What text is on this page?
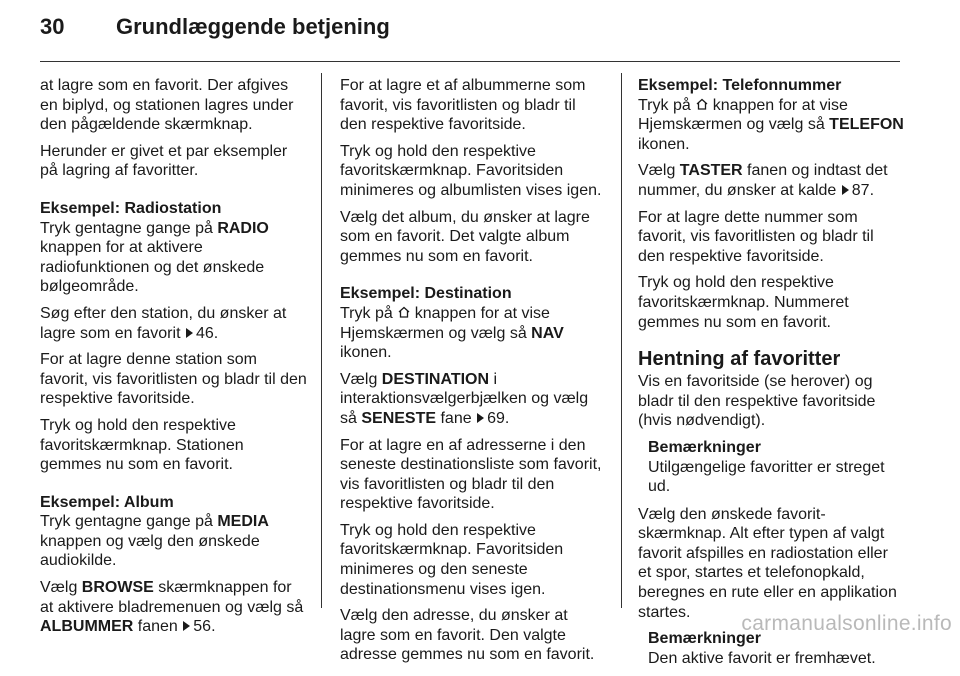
30	Grundlæggende betjening

at lagre som en favorit. Der afgives en biplyd, og stationen lagres under den pågældende skærmknap.

Herunder er givet et par eksempler på lagring af favoritter.

Eksempel: Radiostation
Tryk gentagne gange på RADIO knappen for at aktivere radiofunktionen og det ønskede bølgeområde.

Søg efter den station, du ønsker at lagre som en favorit 46.

For at lagre denne station som favorit, vis favoritlisten og bladr til den respektive favoritside.

Tryk og hold den respektive favoritskærmknap. Stationen gemmes nu som en favorit.

Eksempel: Album
Tryk gentagne gange på MEDIA knappen og vælg den ønskede audiokilde.

Vælg BROWSE skærmknappen for at aktivere bladremenuen og vælg så ALBUMMER fanen 56.

For at lagre et af albummerne som favorit, vis favoritlisten og bladr til den respektive favoritside.

Tryk og hold den respektive favoritskærmknap. Favoritsiden minimeres og albumlisten vises igen.

Vælg det album, du ønsker at lagre som en favorit. Det valgte album gemmes nu som en favorit.

Eksempel: Destination
Tryk på knappen for at vise Hjemskærmen og vælg så NAV ikonen.

Vælg DESTINATION i interaktionsvælgerbjælken og vælg så SENESTE fane 69.

For at lagre en af adresserne i den seneste destinationsliste som favorit, vis favoritlisten og bladr til den respektive favoritside.

Tryk og hold den respektive favoritskærmknap. Favoritsiden minimeres og den seneste destinationsmenu vises igen.

Vælg den adresse, du ønsker at lagre som en favorit. Den valgte adresse gemmes nu som en favorit.

Eksempel: Telefonnummer
Tryk på knappen for at vise Hjemskærmen og vælg så TELEFON ikonen.

Vælg TASTER fanen og indtast det nummer, du ønsker at kalde 87.

For at lagre dette nummer som favorit, vis favoritlisten og bladr til den respektive favoritside.

Tryk og hold den respektive favoritskærmknap. Nummeret gemmes nu som en favorit.

Hentning af favoritter

Vis en favoritside (se herover) og bladr til den respektive favoritside (hvis nødvendigt).

Bemærkninger
Utilgængelige favoritter er streget ud.

Vælg den ønskede favorit-skærmknap. Alt efter typen af valgt favorit afspilles en radiostation eller et spor, startes et telefonopkald, beregnes en rute eller en applikation startes.

Bemærkninger
Den aktive favorit er fremhævet.
carmanualsonline.info
